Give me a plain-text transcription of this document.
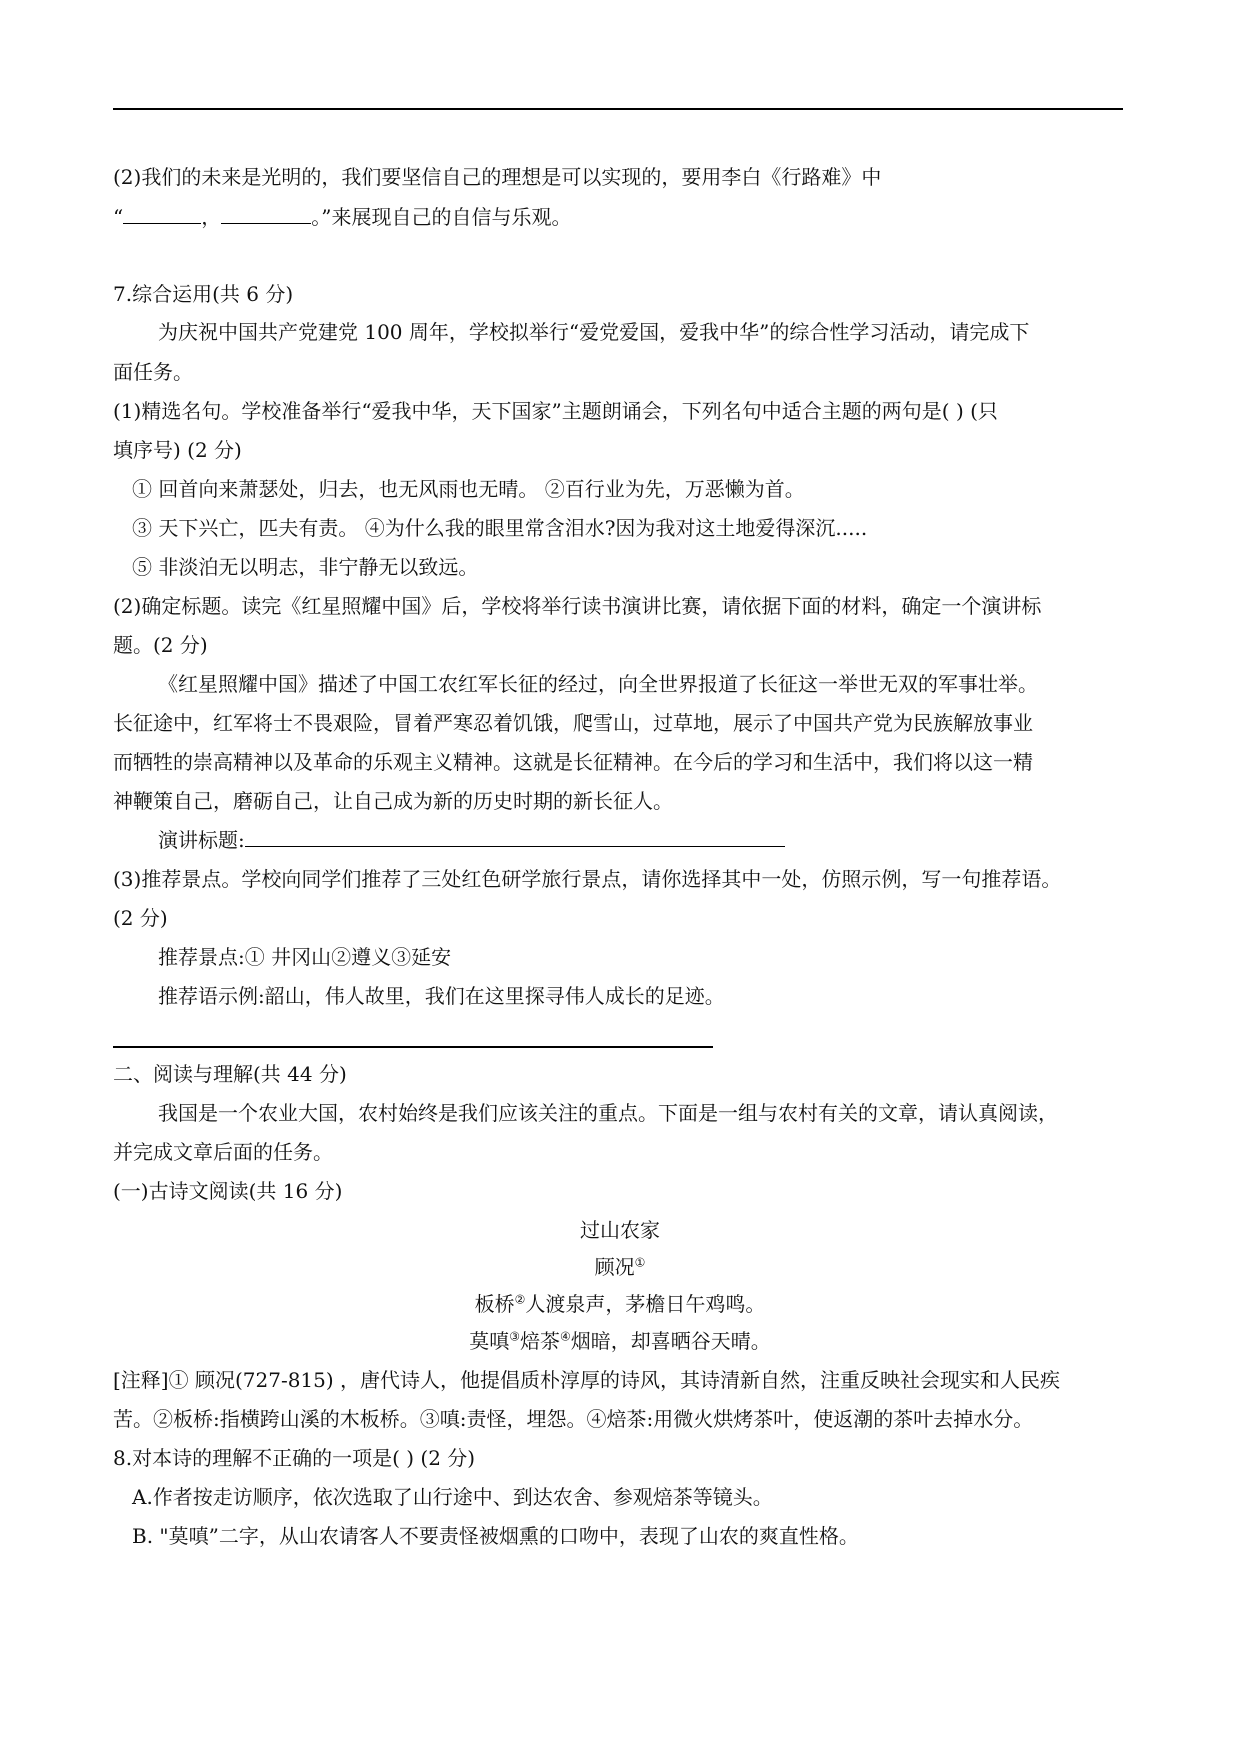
(2)我们的未来是光明的，我们要坚信自己的理想是可以实现的，要用李白《行路难》中
“	，	。”来展现自己的自信与乐观。
7.综合运用(共 6 分)
为庆祝中国共产党建党 100 周年，学校拟举行“爱党爱国，爱我中华”的综合性学习活动，请完成下
面任务。
(1)精选名句。学校准备举行“爱我中华，天下国家”主题朗诵会，下列名句中适合主题的两句是( ) (只
填序号) (2 分)
① 回首向来萧瑟处，归去，也无风雨也无晴。 ②百行业为先，万恶懒为首。
③ 天下兴亡，匹夫有责。 ④为什么我的眼里常含泪水?因为我对这土地爱得深沉.....
⑤ 非淡泊无以明志，非宁静无以致远。
(2)确定标题。读完《红星照耀中国》后，学校将举行读书演讲比赛，请依据下面的材料，确定一个演讲标
题。(2 分)
《红星照耀中国》描述了中国工农红军长征的经过，向全世界报道了长征这一举世无双的军事壮举。
长征途中，红军将士不畏艰险，冒着严寒忍着饥饿，爬雪山，过草地，展示了中国共产党为民族解放事业
而牺牲的崇高精神以及革命的乐观主义精神。这就是长征精神。在今后的学习和生活中，我们将以这一精
神鞭策自己，磨砺自己，让自己成为新的历史时期的新长征人。
演讲标题:
(3)推荐景点。学校向同学们推荐了三处红色研学旅行景点，请你选择其中一处，仿照示例，写一句推荐语。
(2 分)
推荐景点:① 井冈山②遵义③延安
推荐语示例:韶山，伟人故里，我们在这里探寻伟人成长的足迹。
二、阅读与理解(共 44 分)
我国是一个农业大国，农村始终是我们应该关注的重点。下面是一组与农村有关的文章，请认真阅读，
并完成文章后面的任务。
(一)古诗文阅读(共 16 分)
过山农家
顾况①
板桥②人渡泉声，茅檐日午鸡鸣。
莫嗔③焙茶④烟暗，却喜晒谷天晴。
[注释]① 顾况(727-815) ，唐代诗人，他提倡质朴淳厚的诗风，其诗清新自然，注重反映社会现实和人民疾
苦。②板桥:指横跨山溪的木板桥。③嗔:责怪，埋怨。④焙茶:用微火烘烤茶叶，使返潮的茶叶去掉水分。
8.对本诗的理解不正确的一项是( ) (2 分)
A.作者按走访顺序，依次选取了山行途中、到达农舍、参观焙茶等镜头。
B. "莫嗔”二字，从山农请客人不要责怪被烟熏的口吻中，表现了山农的爽直性格。
